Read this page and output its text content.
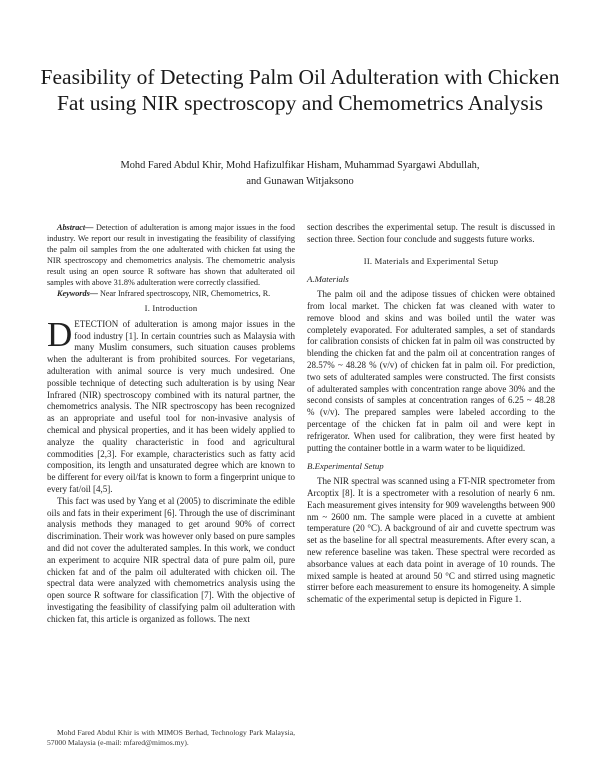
Feasibility of Detecting Palm Oil Adulteration with Chicken Fat using NIR spectroscopy and Chemometrics Analysis
Mohd Fared Abdul Khir, Mohd Hafizulfikar Hisham, Muhammad Syargawi Abdullah,
and Gunawan Witjaksono

Abstract— Detection of adulteration is among major issues in the food industry. We report our result in investigating the feasibility of classifying the palm oil samples from the one adulterated with chicken fat using the NIR spectroscopy and chemometrics analysis. The chemometric analysis result using an open source R software has shown that adulterated oil samples with above 31.8% adulteration were correctly classified.

Keywords— Near Infrared spectroscopy, NIR, Chemometrics, R.

I. Introduction

DETECTION of adulteration is among major issues in the food industry [1]. In certain countries such as Malaysia with many Muslim consumers, such situation causes problems when the adulterant is from prohibited sources. For vegetarians, adulteration with animal source is very much undesired. One possible technique of detecting such adulteration is by using Near Infrared (NIR) spectroscopy combined with its natural partner, the chemometrics analysis. The NIR spectroscopy has been recognized as an appropriate and useful tool for non-invasive analysis of chemical and physical properties, and it has been widely applied to analyze the quality characteristic in food and agricultural commodities [2,3]. For example, characteristics such as fatty acid composition, its length and unsaturated degree which are known to be different for every oil/fat is known to form a fingerprint unique to every fat/oil [4,5].

This fact was used by Yang et al (2005) to discriminate the edible oils and fats in their experiment [6]. Through the use of discriminant analysis methods they managed to get around 90% of correct discrimination. Their work was however only based on pure samples and did not cover the adulterated samples. In this work, we conduct an experiment to acquire NIR spectral data of pure palm oil, pure chicken fat and of the palm oil adulterated with chicken oil. The spectral data were analyzed with chemometrics analysis using the open source R software for classification [7]. With the objective of investigating the feasibility of classifying palm oil adulteration with chicken fat, this article is organized as follows. The next

section describes the experimental setup. The result is discussed in section three. Section four conclude and suggests future works.

II. Materials and Experimental Setup
A.Materials

The palm oil and the adipose tissues of chicken were obtained from local market. The chicken fat was cleaned with water to remove blood and skins and was boiled until the water was completely evaporated. For adulterated samples, a set of standards for calibration consists of chicken fat in palm oil was constructed by blending the chicken fat and the palm oil at concentration ranges of 28.57% ~ 48.28 % (v/v) of chicken fat in palm oil. For prediction, two sets of adulterated samples were constructed. The first consists of adulterated samples with concentration range above 30% and the second consists of samples at concentration ranges of 6.25 ~ 48.28 % (v/v). The prepared samples were labeled according to the percentage of the chicken fat in palm oil and were kept in refrigerator. When used for calibration, they were first heated by putting the container bottle in a warm water to be liquidized.

B.Experimental Setup

The NIR spectral was scanned using a FT-NIR spectrometer from Arcoptix [8]. It is a spectrometer with a resolution of nearly 6 nm. Each measurement gives intensity for 909 wavelengths between 900 nm ~ 2600 nm. The sample were placed in a cuvette at ambient temperature (20 °C). A background of air and cuvette spectrum was set as the baseline for all spectral measurements. After every scan, a new reference baseline was taken. These spectral were recorded as absorbance values at each data point in average of 10 rounds. The mixed sample is heated at around 50 °C and stirred using magnetic stirrer before each measurement to ensure its homogeneity. A simple schematic of the experimental setup is depicted in Figure 1.

Mohd Fared Abdul Khir is with MIMOS Berhad, Technology Park Malaysia, 57000 Malaysia (e-mail: mfared@mimos.my).
